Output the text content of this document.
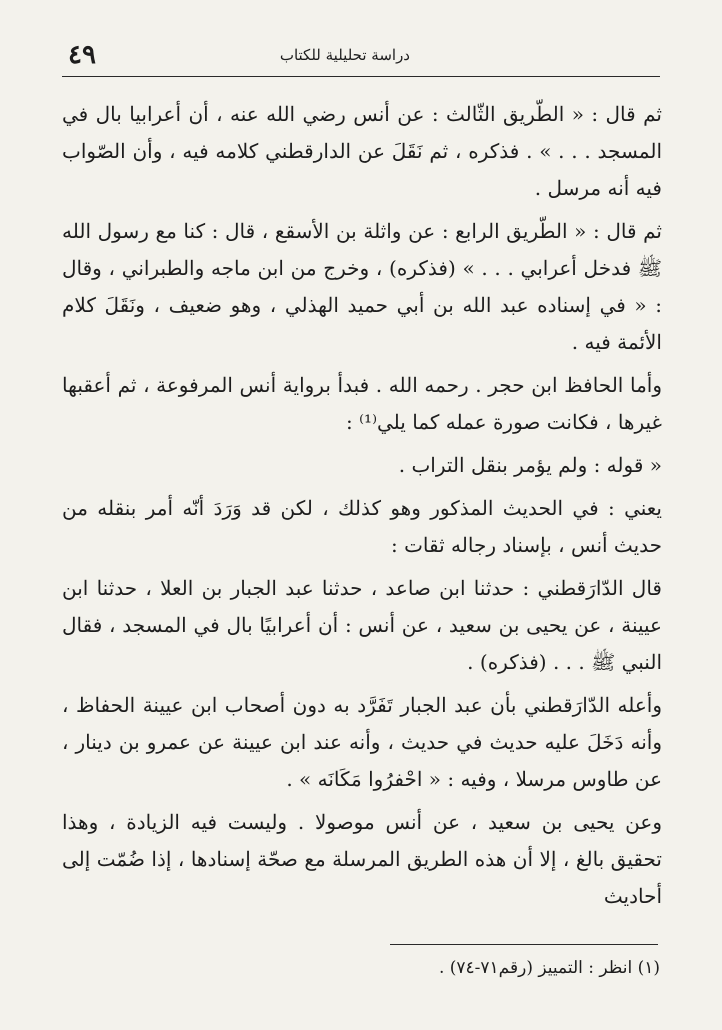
٤٩	دراسة تحليلية للكتاب

ثم قال : « الطّريق الثّالث : عن أنس رضي الله عنه ، أن أعرابيا بال في المسجد . . . » . فذكره ، ثم نَقَلَ عن الدارقطني كلامه فيه ، وأن الصّواب فيه أنه مرسل .

ثم قال : « الطّريق الرابع : عن واثلة بن الأسقع ، قال : كنا مع رسول الله ﷺ فدخل أعرابي . . . » (فذكره) ، وخرج من ابن ماجه والطبراني ، وقال : « في إسناده عبد الله بن أبي حميد الهذلي ، وهو ضعيف ، ونَقَلَ كلام الأئمة فيه .

وأما الحافظ ابن حجر . رحمه الله . فبدأ برواية أنس المرفوعة ، ثم أعقبها غيرها ، فكانت صورة عمله كما يلي⁽¹⁾ :

« قوله : ولم يؤمر بنقل التراب .

يعني : في الحديث المذكور وهو كذلك ، لكن قد وَرَدَ أنّه أمر بنقله من حديث أنس ، بإسناد رجاله ثقات :

قال الدّارَقطني : حدثنا ابن صاعد ، حدثنا عبد الجبار بن العلا ، حدثنا ابن عيينة ، عن يحيى بن سعيد ، عن أنس : أن أعرابيًا بال في المسجد ، فقال النبي ﷺ . . . (فذكره) .

وأعله الدّارَقطني بأن عبد الجبار تَفَرَّد به دون أصحاب ابن عيينة الحفاظ ، وأنه دَخَلَ عليه حديث في حديث ، وأنه عند ابن عيينة عن عمرو بن دينار ، عن طاوس مرسلا ، وفيه : « احْفرُوا مَكَانَه » .

وعن يحيى بن سعيد ، عن أنس موصولا . وليست فيه الزيادة ، وهذا تحقيق بالغ ، إلا أن هذه الطريق المرسلة مع صحّة إسنادها ، إذا ضُمّت إلى أحاديث

(١) انظر : التمييز (رقم٧١-٧٤) .
